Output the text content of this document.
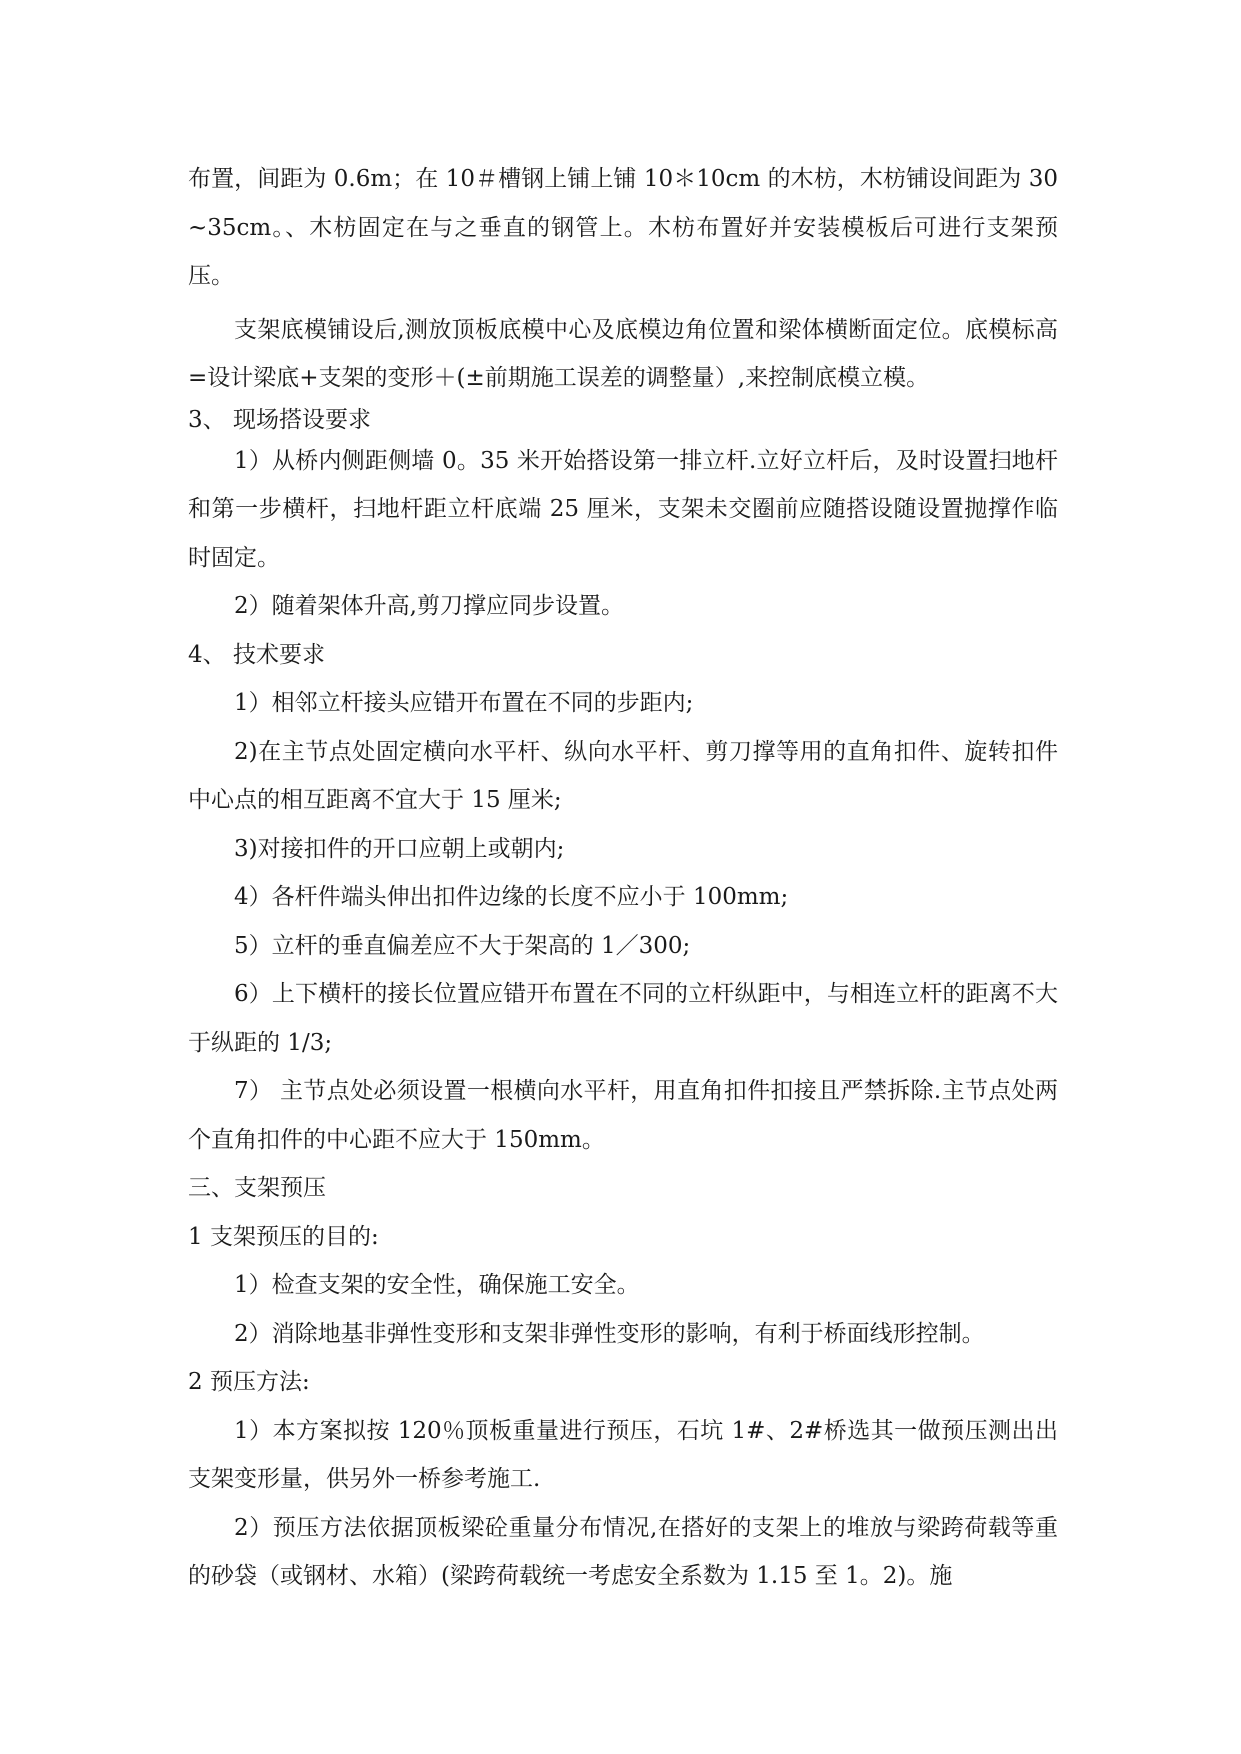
布置，间距为 0.6m；在 10＃槽钢上铺上铺 10＊10cm 的木枋，木枋铺设间距为 30~35cm。、木枋固定在与之垂直的钢管上。木枋布置好并安装模板后可进行支架预压。

支架底模铺设后,测放顶板底模中心及底模边角位置和梁体横断面定位。底模标高=设计梁底+支架的变形＋(±前期施工误差的调整量）,来控制底模立模。

3、 现场搭设要求

1）从桥内侧距侧墙 0。35 米开始搭设第一排立杆.立好立杆后，及时设置扫地杆和第一步横杆，扫地杆距立杆底端 25 厘米，支架未交圈前应随搭设随设置抛撑作临时固定。

2）随着架体升高,剪刀撑应同步设置。

4、 技术要求

1）相邻立杆接头应错开布置在不同的步距内;

2)在主节点处固定横向水平杆、纵向水平杆、剪刀撑等用的直角扣件、旋转扣件中心点的相互距离不宜大于 15 厘米;

3)对接扣件的开口应朝上或朝内;

4）各杆件端头伸出扣件边缘的长度不应小于 100mm;

5）立杆的垂直偏差应不大于架高的 1／300;

6）上下横杆的接长位置应错开布置在不同的立杆纵距中，与相连立杆的距离不大于纵距的 1/3;

7） 主节点处必须设置一根横向水平杆，用直角扣件扣接且严禁拆除.主节点处两个直角扣件的中心距不应大于 150mm。

三、支架预压

1 支架预压的目的:

1）检查支架的安全性，确保施工安全。

2）消除地基非弹性变形和支架非弹性变形的影响，有利于桥面线形控制。

2 预压方法:

1）本方案拟按 120％顶板重量进行预压，石坑 1#、2#桥选其一做预压测出出支架变形量，供另外一桥参考施工.

2）预压方法依据顶板梁砼重量分布情况,在搭好的支架上的堆放与梁跨荷载等重的砂袋（或钢材、水箱）(梁跨荷载统一考虑安全系数为 1.15 至 1。2)。施
